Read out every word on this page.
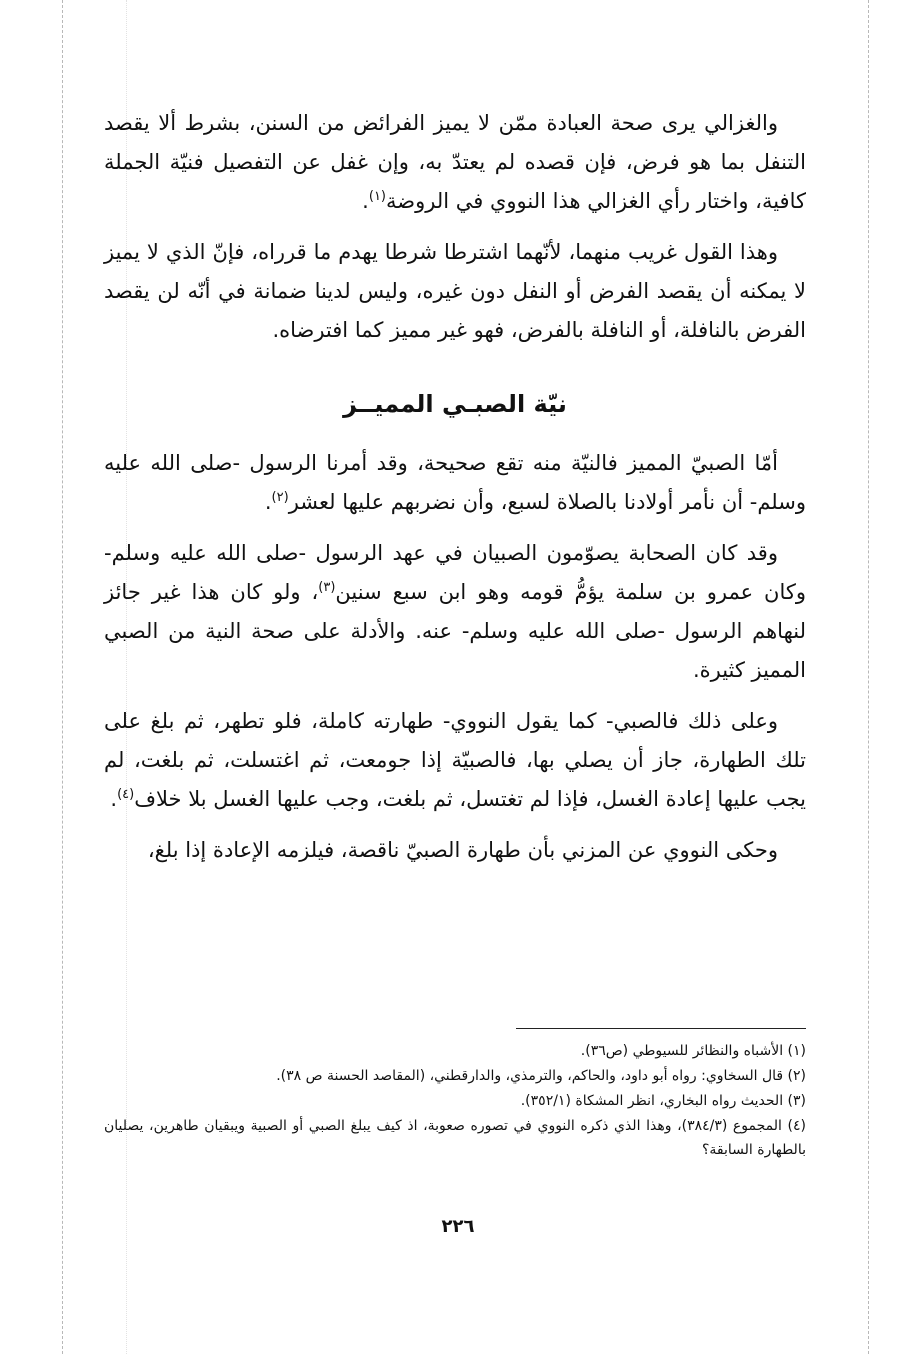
والغزالي يرى صحة العبادة ممّن لا يميز الفرائض من السنن، بشرط ألا يقصد التنفل بما هو فرض، فإن قصده لم يعتدّ به، وإن غفل عن التفصيل فنيّة الجملة كافية، واختار رأي الغزالي هذا النووي في الروضة$^{(١)}$.

وهذا القول غريب منهما، لأنّهما اشترطا شرطا يهدم ما قرراه، فإنّ الذي لا يميز لا يمكنه أن يقصد الفرض أو النفل دون غيره، وليس لدينا ضمانة في أنّه لن يقصد الفرض بالنافلة، أو النافلة بالفرض، فهو غير مميز كما افترضاه.

نيّة الصبـي المميــز

أمّا الصبيّ المميز فالنيّة منه تقع صحيحة، وقد أمرنا الرسول -صلى الله عليه وسلم- أن نأمر أولادنا بالصلاة لسبع، وأن نضربهم عليها لعشر$^{(٢)}$.

وقد كان الصحابة يصوّمون الصبيان في عهد الرسول -صلى الله عليه وسلم- وكان عمرو بن سلمة يؤمُّ قومه وهو ابن سبع سنين$^{(٣)}$، ولو كان هذا غير جائز لنهاهم الرسول -صلى الله عليه وسلم- عنه. والأدلة على صحة النية من الصبي المميز كثيرة.

وعلى ذلك فالصبي- كما يقول النووي- طهارته كاملة، فلو تطهر، ثم بلغ على تلك الطهارة، جاز أن يصلي بها، فالصبيّة إذا جومعت، ثم اغتسلت، ثم بلغت، لم يجب عليها إعادة الغسل، فإذا لم تغتسل، ثم بلغت، وجب عليها الغسل بلا خلاف$^{(٤)}$.

وحكى النووي عن المزني بأن طهارة الصبيّ ناقصة، فيلزمه الإعادة إذا بلغ،

(١) الأشباه والنظائر للسيوطي (ص٣٦).

(٢) قال السخاوي: رواه أبو داود، والحاكم، والترمذي، والدارقطني، (المقاصد الحسنة ص ٣٨).

(٣) الحديث رواه البخاري، انظر المشكاة (٣٥٢/١).

(٤) المجموع (٣٨٤/٣)، وهذا الذي ذكره النووي في تصوره صعوبة، اذ كيف يبلغ الصبي أو الصبية ويبقيان طاهرين، يصليان بالطهارة السابقة؟

٢٢٦
